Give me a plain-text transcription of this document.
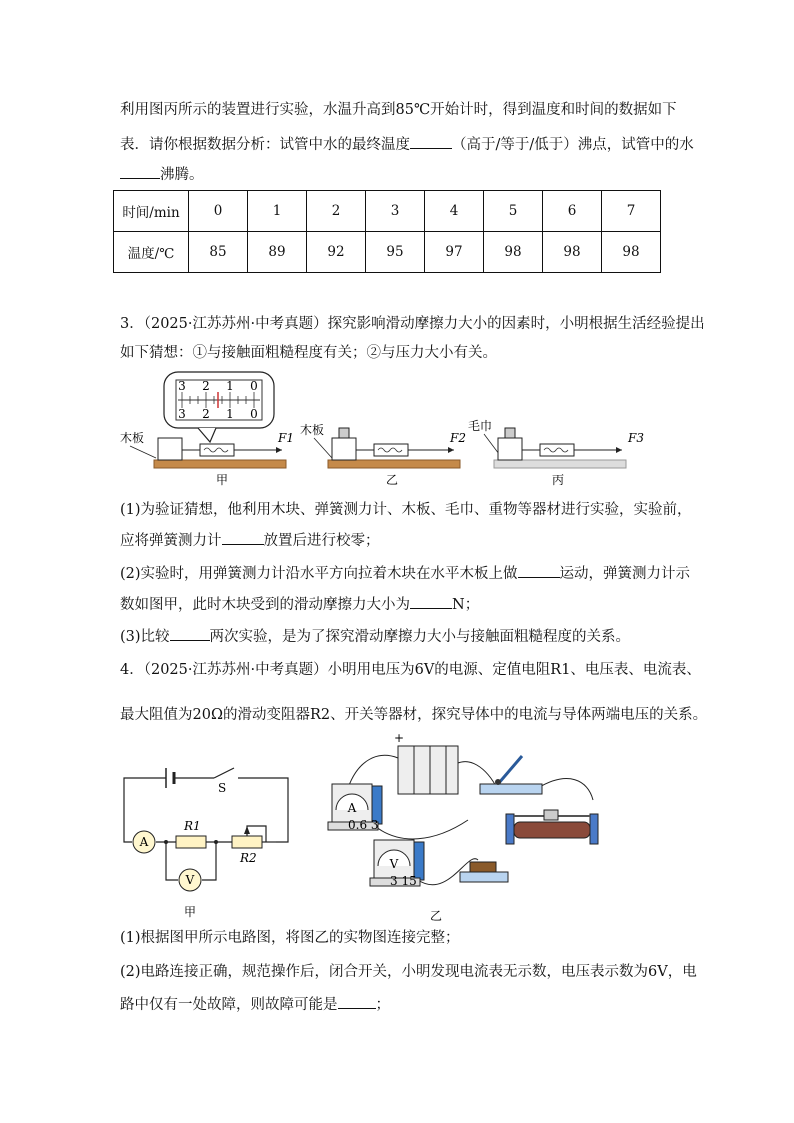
利用图丙所示的装置进行实验，水温升高到85℃开始计时，得到温度和时间的数据如下
表．请你根据数据分析：试管中水的最终温度	（高于/等于/低于）沸点，试管中的水
沸腾。
时间/min	0	1	2	3	4	5	6	7
温度/℃	85	89	92	95	97	98	98	98
3．（2025·江苏苏州·中考真题）探究影响滑动摩擦力大小的因素时，小明根据生活经验提出
如下猜想：①与接触面粗糙程度有关；②与压力大小有关。
3 2 1 0
3 2 1 0
木板	F1
甲
木板
F2
乙
毛巾
F3
丙
(1)为验证猜想，他利用木块、弹簧测力计、木板、毛巾、重物等器材进行实验，实验前，
应将弹簧测力计	放置后进行校零；
(2)实验时，用弹簧测力计沿水平方向拉着木块在水平木板上做	运动，弹簧测力计示
数如图甲，此时木块受到的滑动摩擦力大小为	N；
(3)比较	两次实验，是为了探究滑动摩擦力大小与接触面粗糙程度的关系。
4．（2025·江苏苏州·中考真题）小明用电压为6V的电源、定值电阻R1、电压表、电流表、
最大阻值为20Ω的滑动变阻器R2、开关等器材，探究导体中的电流与导体两端电压的关系。
A
V
S
R1
R2
甲
+
A
0.6 3
V
3 15
乙
(1)根据图甲所示电路图，将图乙的实物图连接完整；
(2)电路连接正确，规范操作后，闭合开关，小明发现电流表无示数，电压表示数为6V，电
路中仅有一处故障，则故障可能是	；
